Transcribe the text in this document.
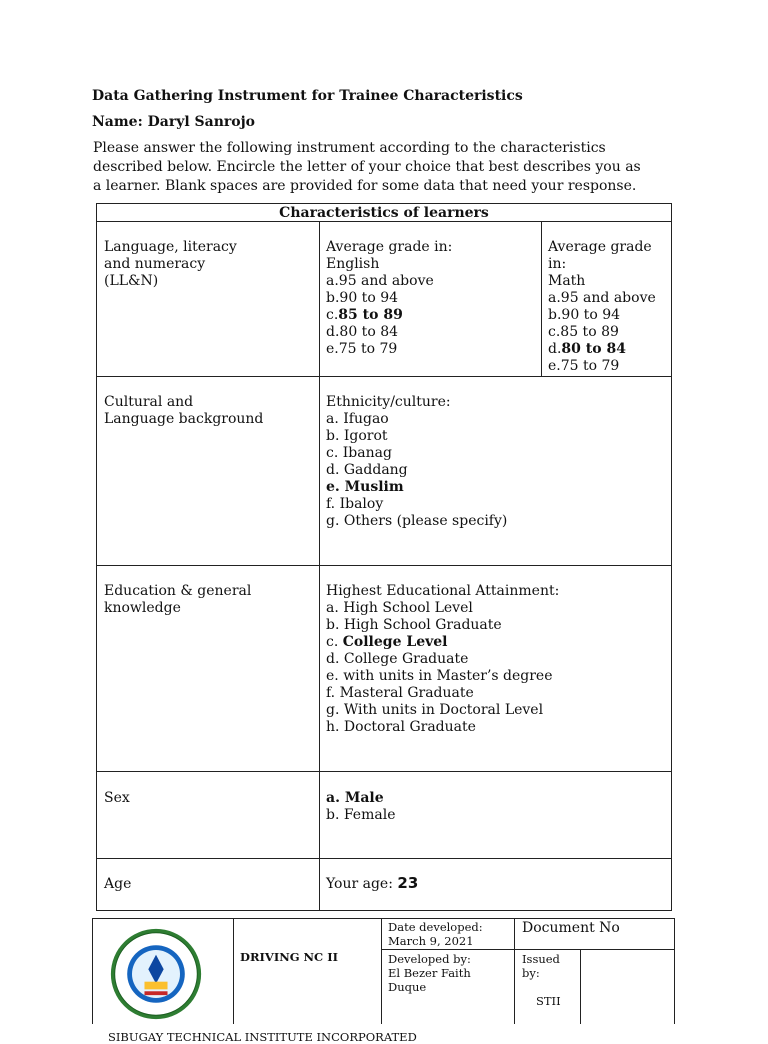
Data Gathering Instrument for Trainee Characteristics
Name: Daryl Sanrojo
Please answer the following instrument according to the characteristics
described below. Encircle the letter of your choice that best describes you as
a learner. Blank spaces are provided for some data that need your response.
Characteristics of learners
Language, literacy
and numeracy
(LL&N)
Average grade in:
English
a.95 and above
b.90 to 94
c.85 to 89
d.80 to 84
e.75 to 79
Average grade
in:
Math
a.95 and above
b.90 to 94
c.85 to 89
d.80 to 84
e.75 to 79
Cultural and
Language background
Ethnicity/culture:
a. Ifugao
b. Igorot
c. Ibanag
d. Gaddang
e. Muslim
f. Ibaloy
g. Others (please specify)
Education & general
knowledge
Highest Educational Attainment:
a. High School Level
b. High School Graduate
c. College Level
d. College Graduate
e. with units in Master’s degree
f. Masteral Graduate
g. With units in Doctoral Level
h. Doctoral Graduate
Sex	a. Male
b. Female
Age	Your age: 23
SIBUGAY TECHNICAL INSTITUTE INCORPORATED
DRIVING NC II
Date developed:
March 9, 2021
Developed by:
El Bezer Faith
Duque
Document No
Issued
by:
STII
